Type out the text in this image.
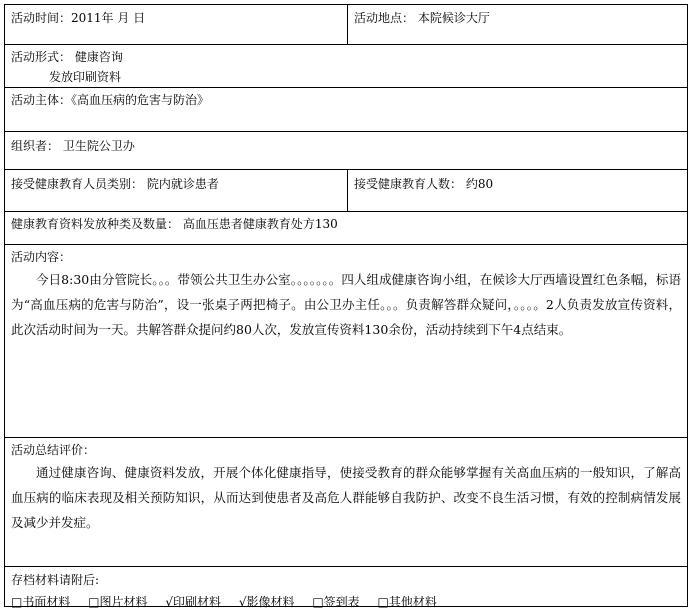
活动时间：2011年 月 日	活动地点： 本院候诊大厅
活动形式： 健康咨询
发放印刷资料
活动主体：《高血压病的危害与防治》
组织者： 卫生院公卫办
接受健康教育人员类别： 院内就诊患者	接受健康教育人数： 约80
健康教育资料发放种类及数量： 高血压患者健康教育处方130
活动内容：
今日8:30由分管院长。。。带领公共卫生办公室。。。。。。。四人组成健康咨询小组，在候诊大厅西墙设置红色条幅，标语为“高血压病的危害与防治”，设一张桌子两把椅子。由公卫办主任。。。负责解答群众疑问，。。。。2人负责发放宣传资料，此次活动时间为一天。共解答群众提问约80人次，发放宣传资料130余份，活动持续到下午4点结束。
活动总结评价：
通过健康咨询、健康资料发放，开展个体化健康指导，使接受教育的群众能够掌握有关高血压病的一般知识，了解高血压病的临床表现及相关预防知识，从而达到使患者及高危人群能够自我防护、改变不良生活习惯，有效的控制病情发展及减少并发症。
存档材料请附后:
□书面材料 □图片材料 √印刷材料 √影像材料 □签到表 □其他材料
